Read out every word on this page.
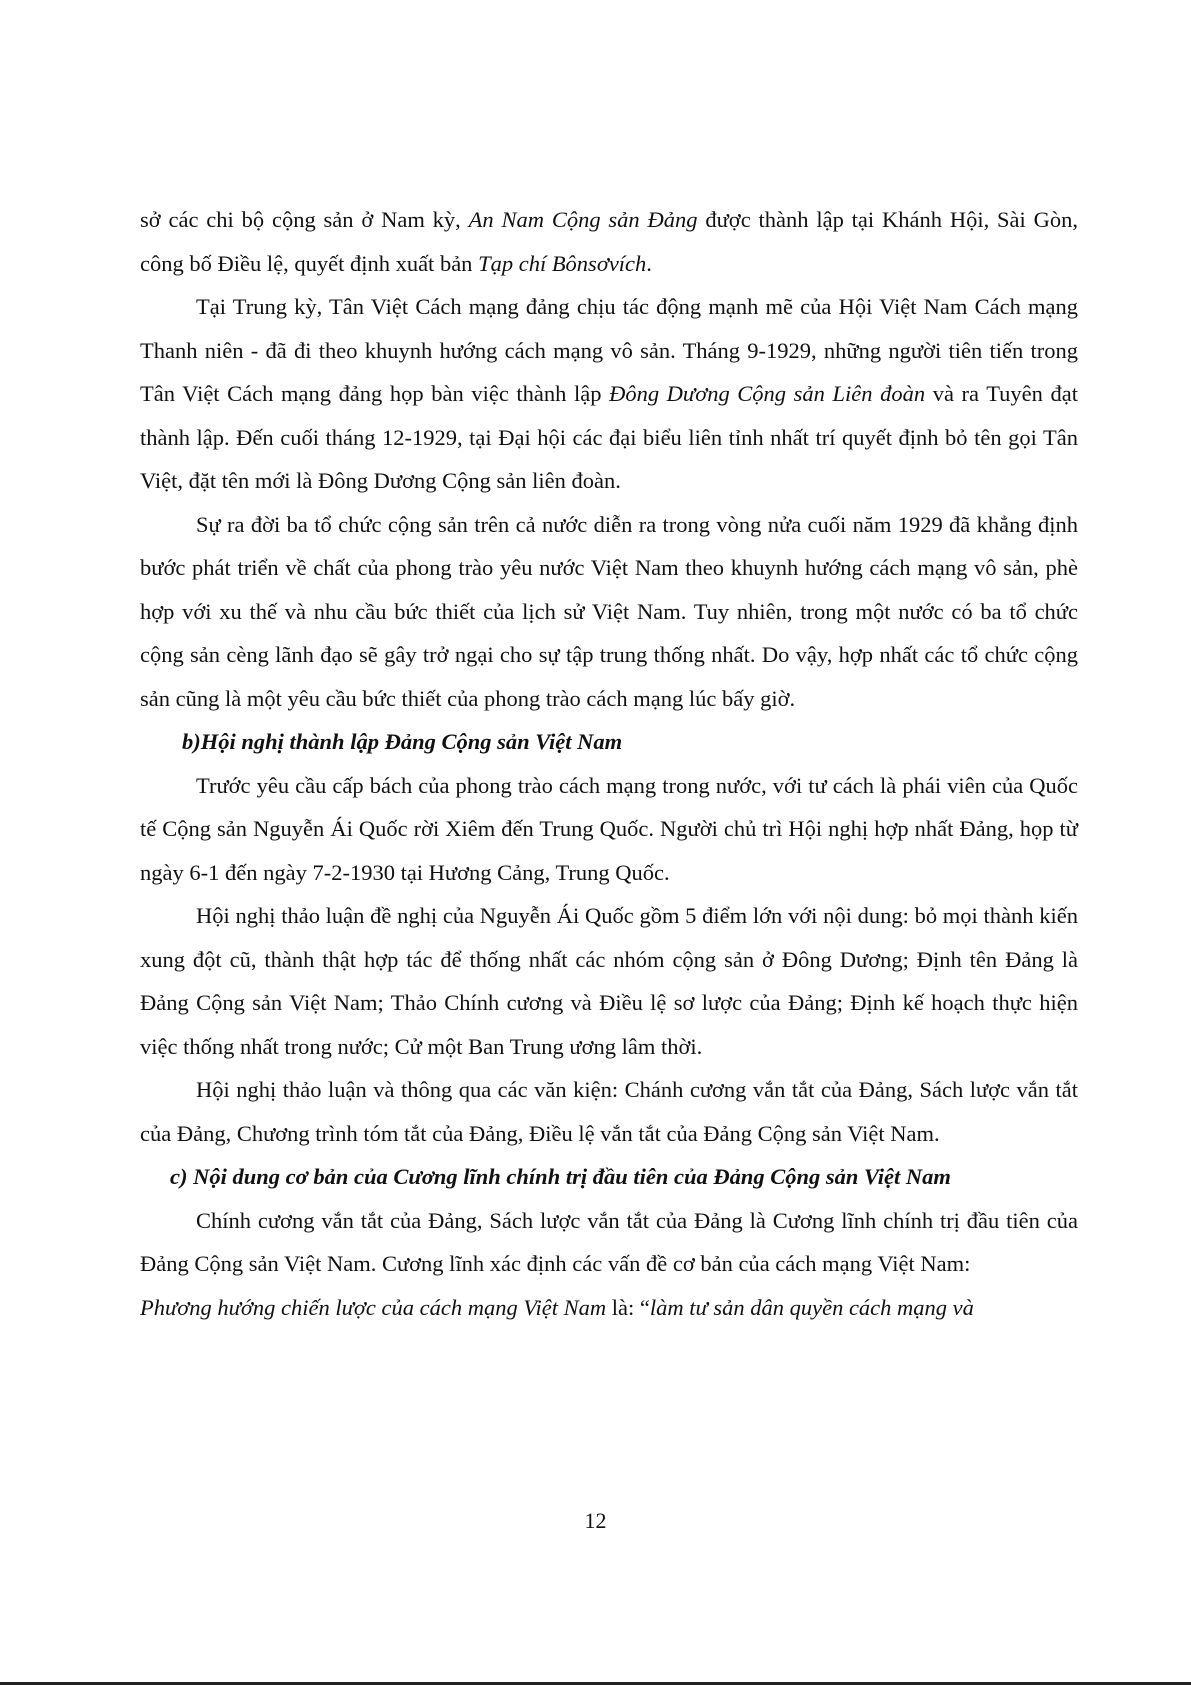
sở các chi bộ cộng sản ở Nam kỳ, An Nam Cộng sản Đảng được thành lập tại Khánh Hội, Sài Gòn, công bố Điều lệ, quyết định xuất bản Tạp chí Bônsơvích.

Tại Trung kỳ, Tân Việt Cách mạng đảng chịu tác động mạnh mẽ của Hội Việt Nam Cách mạng Thanh niên - đã đi theo khuynh hướng cách mạng vô sản. Tháng 9-1929, những người tiên tiến trong Tân Việt Cách mạng đảng họp bàn việc thành lập Đông Dương Cộng sản Liên đoàn và ra Tuyên đạt thành lập. Đến cuối tháng 12-1929, tại Đại hội các đại biểu liên tỉnh nhất trí quyết định bỏ tên gọi Tân Việt, đặt tên mới là Đông Dương Cộng sản liên đoàn.

Sự ra đời ba tổ chức cộng sản trên cả nước diễn ra trong vòng nửa cuối năm 1929 đã khẳng định bước phát triển về chất của phong trào yêu nước Việt Nam theo khuynh hướng cách mạng vô sản, phè hợp với xu thế và nhu cầu bức thiết của lịch sử Việt Nam. Tuy nhiên, trong một nước có ba tổ chức cộng sản cèng lãnh đạo sẽ gây trở ngại cho sự tập trung thống nhất. Do vậy, hợp nhất các tổ chức cộng sản cũng là một yêu cầu bức thiết của phong trào cách mạng lúc bấy giờ.

b)Hội nghị thành lập Đảng Cộng sản Việt Nam

Trước yêu cầu cấp bách của phong trào cách mạng trong nước, với tư cách là phái viên của Quốc tế Cộng sản Nguyễn Ái Quốc rời Xiêm đến Trung Quốc. Người chủ trì Hội nghị hợp nhất Đảng, họp từ ngày 6-1 đến ngày 7-2-1930 tại Hương Cảng, Trung Quốc.

Hội nghị thảo luận đề nghị của Nguyễn Ái Quốc gồm 5 điểm lớn với nội dung: bỏ mọi thành kiến xung đột cũ, thành thật hợp tác để thống nhất các nhóm cộng sản ở Đông Dương; Định tên Đảng là Đảng Cộng sản Việt Nam; Thảo Chính cương và Điều lệ sơ lược của Đảng; Định kế hoạch thực hiện việc thống nhất trong nước; Cử một Ban Trung ương lâm thời.

Hội nghị thảo luận và thông qua các văn kiện: Chánh cương vắn tắt của Đảng, Sách lược vắn tắt của Đảng, Chương trình tóm tắt của Đảng, Điều lệ vắn tắt của Đảng Cộng sản Việt Nam.

c) Nội dung cơ bản của Cương lĩnh chính trị đầu tiên của Đảng Cộng sản Việt Nam

Chính cương vắn tắt của Đảng, Sách lược vắn tắt của Đảng là Cương lĩnh chính trị đầu tiên của Đảng Cộng sản Việt Nam. Cương lĩnh xác định các vấn đề cơ bản của cách mạng Việt Nam:

Phương hướng chiến lược của cách mạng Việt Nam là: “làm tư sản dân quyền cách mạng và

12
